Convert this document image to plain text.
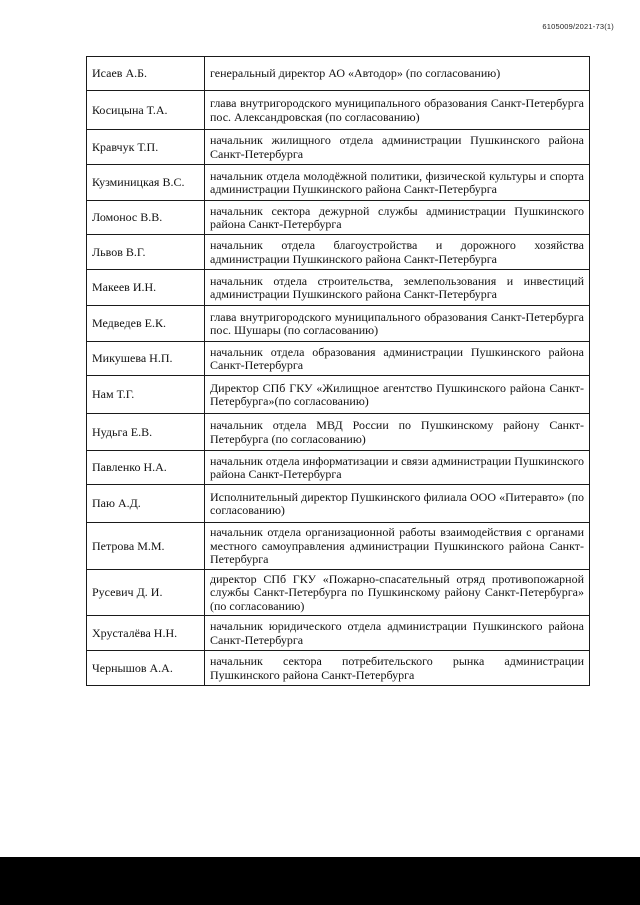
6105009/2021-73(1)
Исаев А.Б.	генеральный директор АО «Автодор» (по согласованию)
Косицына Т.А.	глава внутригородского муниципального образования Санкт-Петербурга пос. Александровская (по согласованию)
Кравчук Т.П.	начальник жилищного отдела администрации Пушкинского района Санкт-Петербурга
Кузминицкая В.С.	начальник отдела молодёжной политики, физической культуры и спорта администрации Пушкинского района Санкт-Петербурга
Ломонос В.В.	начальник сектора дежурной службы администрации Пушкинского района Санкт-Петербурга
Львов В.Г.	начальник отдела благоустройства и дорожного хозяйства администрации Пушкинского района Санкт-Петербурга
Макеев И.Н.	начальник отдела строительства, землепользования и инвестиций администрации Пушкинского района Санкт-Петербурга
Медведев Е.К.	глава внутригородского муниципального образования Санкт-Петербурга пос. Шушары (по согласованию)
Микушева Н.П.	начальник отдела образования администрации Пушкинского района Санкт-Петербурга
Нам Т.Г.	Директор СПб ГКУ «Жилищное агентство Пушкинского района Санкт-Петербурга»(по согласованию)
Нудьга Е.В.	начальник отдела МВД России по Пушкинскому району Санкт-Петербурга (по согласованию)
Павленко Н.А.	начальник отдела информатизации и связи администрации Пушкинского района Санкт-Петербурга
Паю А.Д.	Исполнительный директор Пушкинского филиала ООО «Питеравто» (по согласованию)
Петрова М.М.	начальник отдела организационной работы взаимодействия с органами местного самоуправления администрации Пушкинского района Санкт-Петербурга
Русевич Д. И.	директор СПб ГКУ «Пожарно-спасательный отряд противопожарной службы Санкт-Петербурга по Пушкинскому району Санкт-Петербурга» (по согласованию)
Хрусталёва Н.Н.	начальник юридического отдела администрации Пушкинского района Санкт-Петербурга
Чернышов А.А.	начальник сектора потребительского рынка администрации Пушкинского района Санкт-Петербурга
